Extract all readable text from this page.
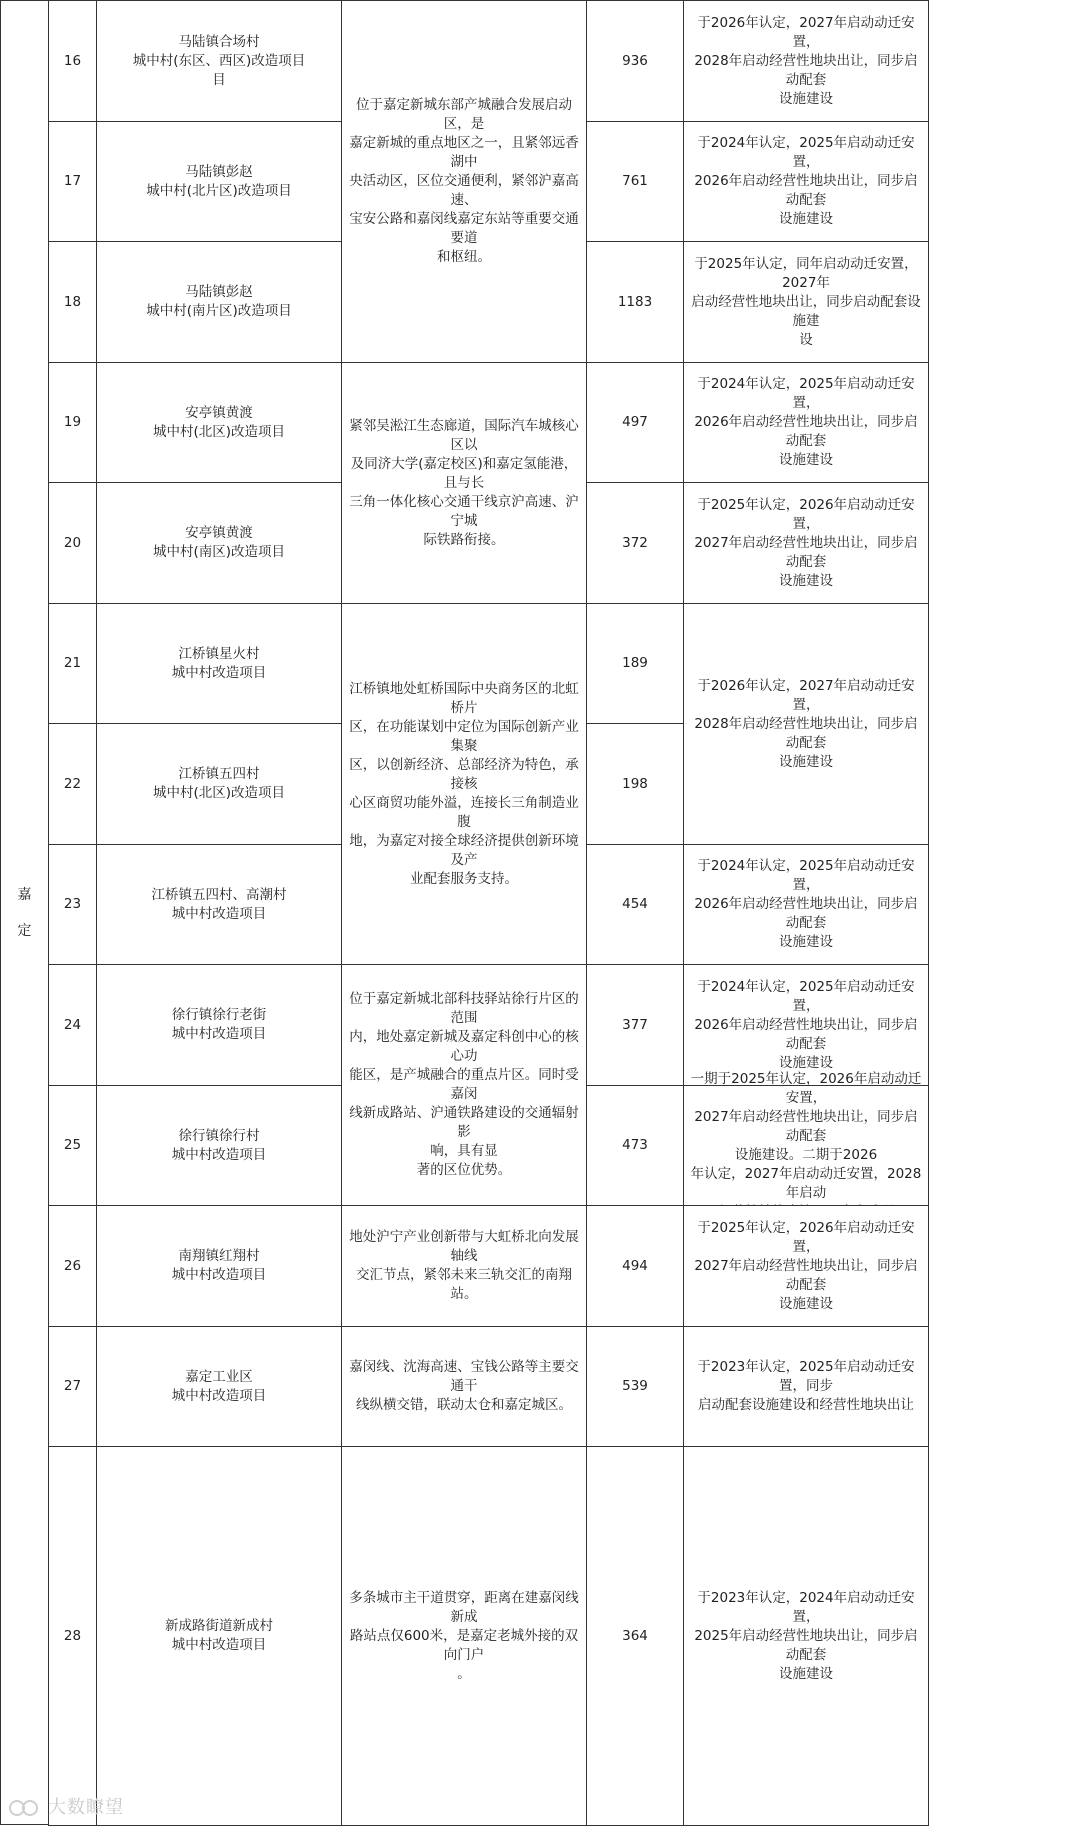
嘉
定
16
马陆镇合场村
城中村(东区、西区)改造项目
目
936
于2026年认定，2027年启动动迁安置，
2028年启动经营性地块出让，同步启动配套
设施建设
17
马陆镇彭赵
城中村(北片区)改造项目
761
于2024年认定，2025年启动动迁安置，
2026年启动经营性地块出让，同步启动配套
设施建设
18
马陆镇彭赵
城中村(南片区)改造项目
1183
于2025年认定，同年启动动迁安置，2027年
启动经营性地块出让，同步启动配套设施建
设
19
安亭镇黄渡
城中村(北区)改造项目
497
于2024年认定，2025年启动动迁安置，
2026年启动经营性地块出让，同步启动配套
设施建设
20
安亭镇黄渡
城中村(南区)改造项目
372
于2025年认定，2026年启动动迁安置，
2027年启动经营性地块出让，同步启动配套
设施建设
21
江桥镇星火村
城中村改造项目
189
22
江桥镇五四村
城中村(北区)改造项目
198
23
江桥镇五四村、高潮村
城中村改造项目
454
于2024年认定，2025年启动动迁安置，
2026年启动经营性地块出让，同步启动配套
设施建设
24
徐行镇徐行老街
城中村改造项目
377
于2024年认定，2025年启动动迁安置，
2026年启动经营性地块出让，同步启动配套
设施建设
25
徐行镇徐行村
城中村改造项目
473
安置，
2027年启动经营性地块出让，同步启动配套
设施建设。二期于2026
年认定，2027年启动动迁安置，2028年启动

26
南翔镇红翔村
城中村改造项目
494
于2025年认定，2026年启动动迁安置，
2027年启动经营性地块出让，同步启动配套
设施建设
27
嘉定工业区
城中村改造项目
539
于2023年认定，2025年启动动迁安置，同步
启动配套设施建设和经营性地块出让
28
新成路街道新成村
城中村改造项目
364
于2023年认定，2024年启动动迁安置，
2025年启动经营性地块出让，同步启动配套
设施建设
于2026年认定，2027年启动动迁安置，
2028年启动经营性地块出让，同步启动配套
设施建设
位于嘉定新城东部产城融合发展启动区，是
嘉定新城的重点地区之一，且紧邻远香湖中
央活动区，区位交通便利，紧邻沪嘉高速、
宝安公路和嘉闵线嘉定东站等重要交通要道
和枢纽。
紧邻吴淞江生态廊道，国际汽车城核心区以
及同济大学(嘉定校区)和嘉定氢能港，且与长
三角一体化核心交通干线京沪高速、沪宁城
际铁路衔接。
江桥镇地处虹桥国际中央商务区的北虹桥片
区，在功能谋划中定位为国际创新产业集聚
区，以创新经济、总部经济为特色，承接核
心区商贸功能外溢，连接长三角制造业腹
地，为嘉定对接全球经济提供创新环境及产
业配套服务支持。
位于嘉定新城北部科技驿站徐行片区的范围
内，地处嘉定新城及嘉定科创中心的核心功
能区，是产城融合的重点片区。同时受嘉闵
线新成路站、沪通铁路建设的交通辐射影
响，具有显
著的区位优势。
地处沪宁产业创新带与大虹桥北向发展轴线
交汇节点，紧邻未来三轨交汇的南翔站。
嘉闵线、沈海高速、宝钱公路等主要交通干
线纵横交错，联动太仓和嘉定城区。
多条城市主干道贯穿，距离在建嘉闵线新成
路站点仅600米，是嘉定老城外接的双向门户
。
大数瞭望
